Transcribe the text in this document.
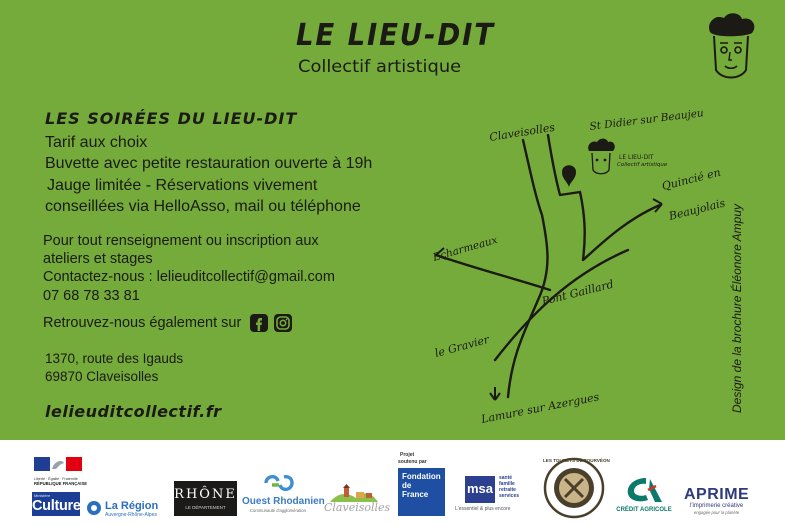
LE LIEU-DIT
Collectif artistique
LES SOIRÉES DU LIEU-DIT
Tarif aux choix
Buvette avec petite restauration ouverte à 19h
Jauge limitée - Réservations vivement
conseillées via HelloAsso, mail ou téléphone
Pour tout renseignement ou inscription aux
ateliers et stages
Contactez-nous : lelieuditcollectif@gmail.com
07 68 78 33 81
Retrouvez-nous également sur
1370, route des Igauds
69870 Claveisolles
lelieuditcollectif.fr	Design de la brochure Éléonore Ampuy
LE LIEU-DIT
Collectif artistique
Claveisolles	St Didier sur Beaujeu
Quincié en
Beaujolais
Echarmeaux
Pont Gaillard
le Gravier
Lamure sur Azergues
Liberté · Égalité · Fraternité
RÉPUBLIQUE FRANÇAISE
Ministère
Culture La Région
Auvergne-Rhône-Alpes
RHÔNE
LE DÉPARTEMENT
Ouest Rhodanien
Communauté d'agglomération Claveisolles
Projet
soutenu par
Fondation
de
France	msa
santé
famille
retraite
services
L'essentiel & plus encore
LES TOURETS DE TOURVÉON
CRÉDIT AGRICOLE
APRIME
l'imprimerie créative
engagée pour la planète
